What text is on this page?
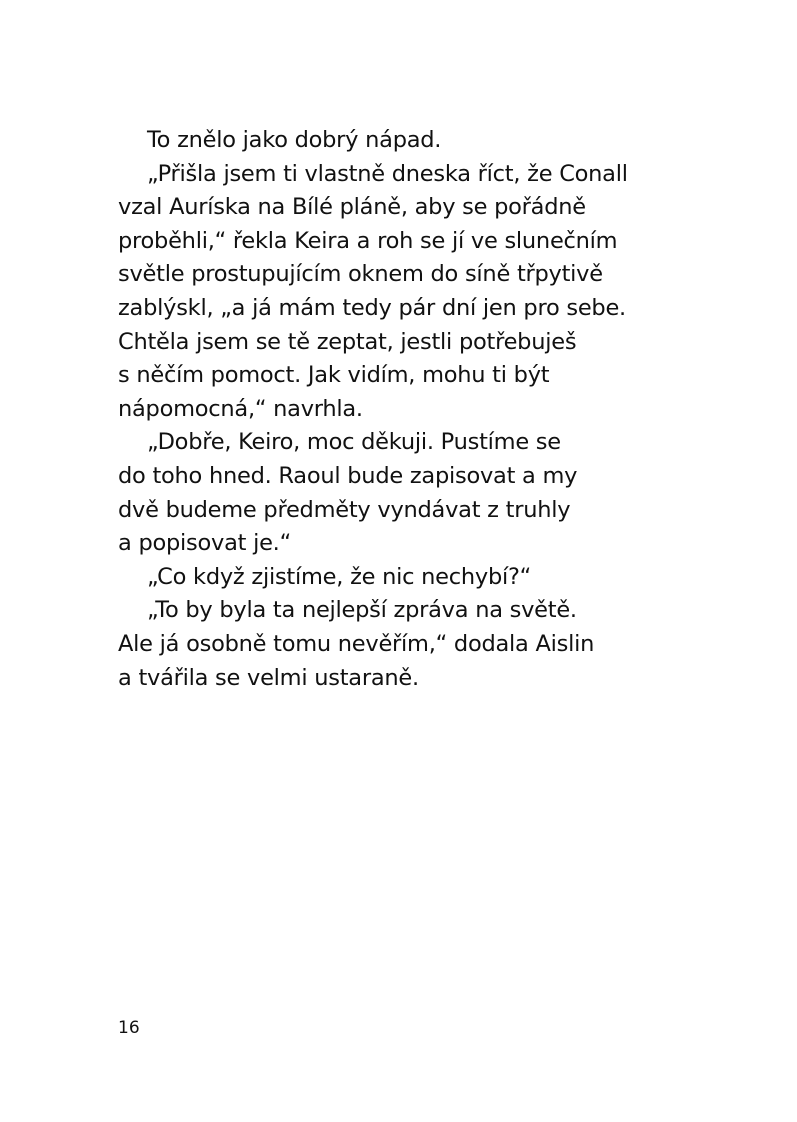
To znělo jako dobrý nápad.
„Přišla jsem ti vlastně dneska říct, že Conall
vzal Auríska na Bílé pláně, aby se pořádně
proběhli,“ řekla Keira a roh se jí ve slunečním
světle prostupujícím oknem do síně třpytivě
zablýskl, „a já mám tedy pár dní jen pro sebe.
Chtěla jsem se tě zeptat, jestli potřebuješ
s něčím pomoct. Jak vidím, mohu ti být
nápomocná,“ navrhla.
„Dobře, Keiro, moc děkuji. Pustíme se
do toho hned. Raoul bude zapisovat a my
dvě budeme předměty vyndávat z truhly
a popisovat je.“
„Co když zjistíme, že nic nechybí?“
„To by byla ta nejlepší zpráva na světě.
Ale já osobně tomu nevěřím,“ dodala Aislin
a tvářila se velmi ustaraně.
16
